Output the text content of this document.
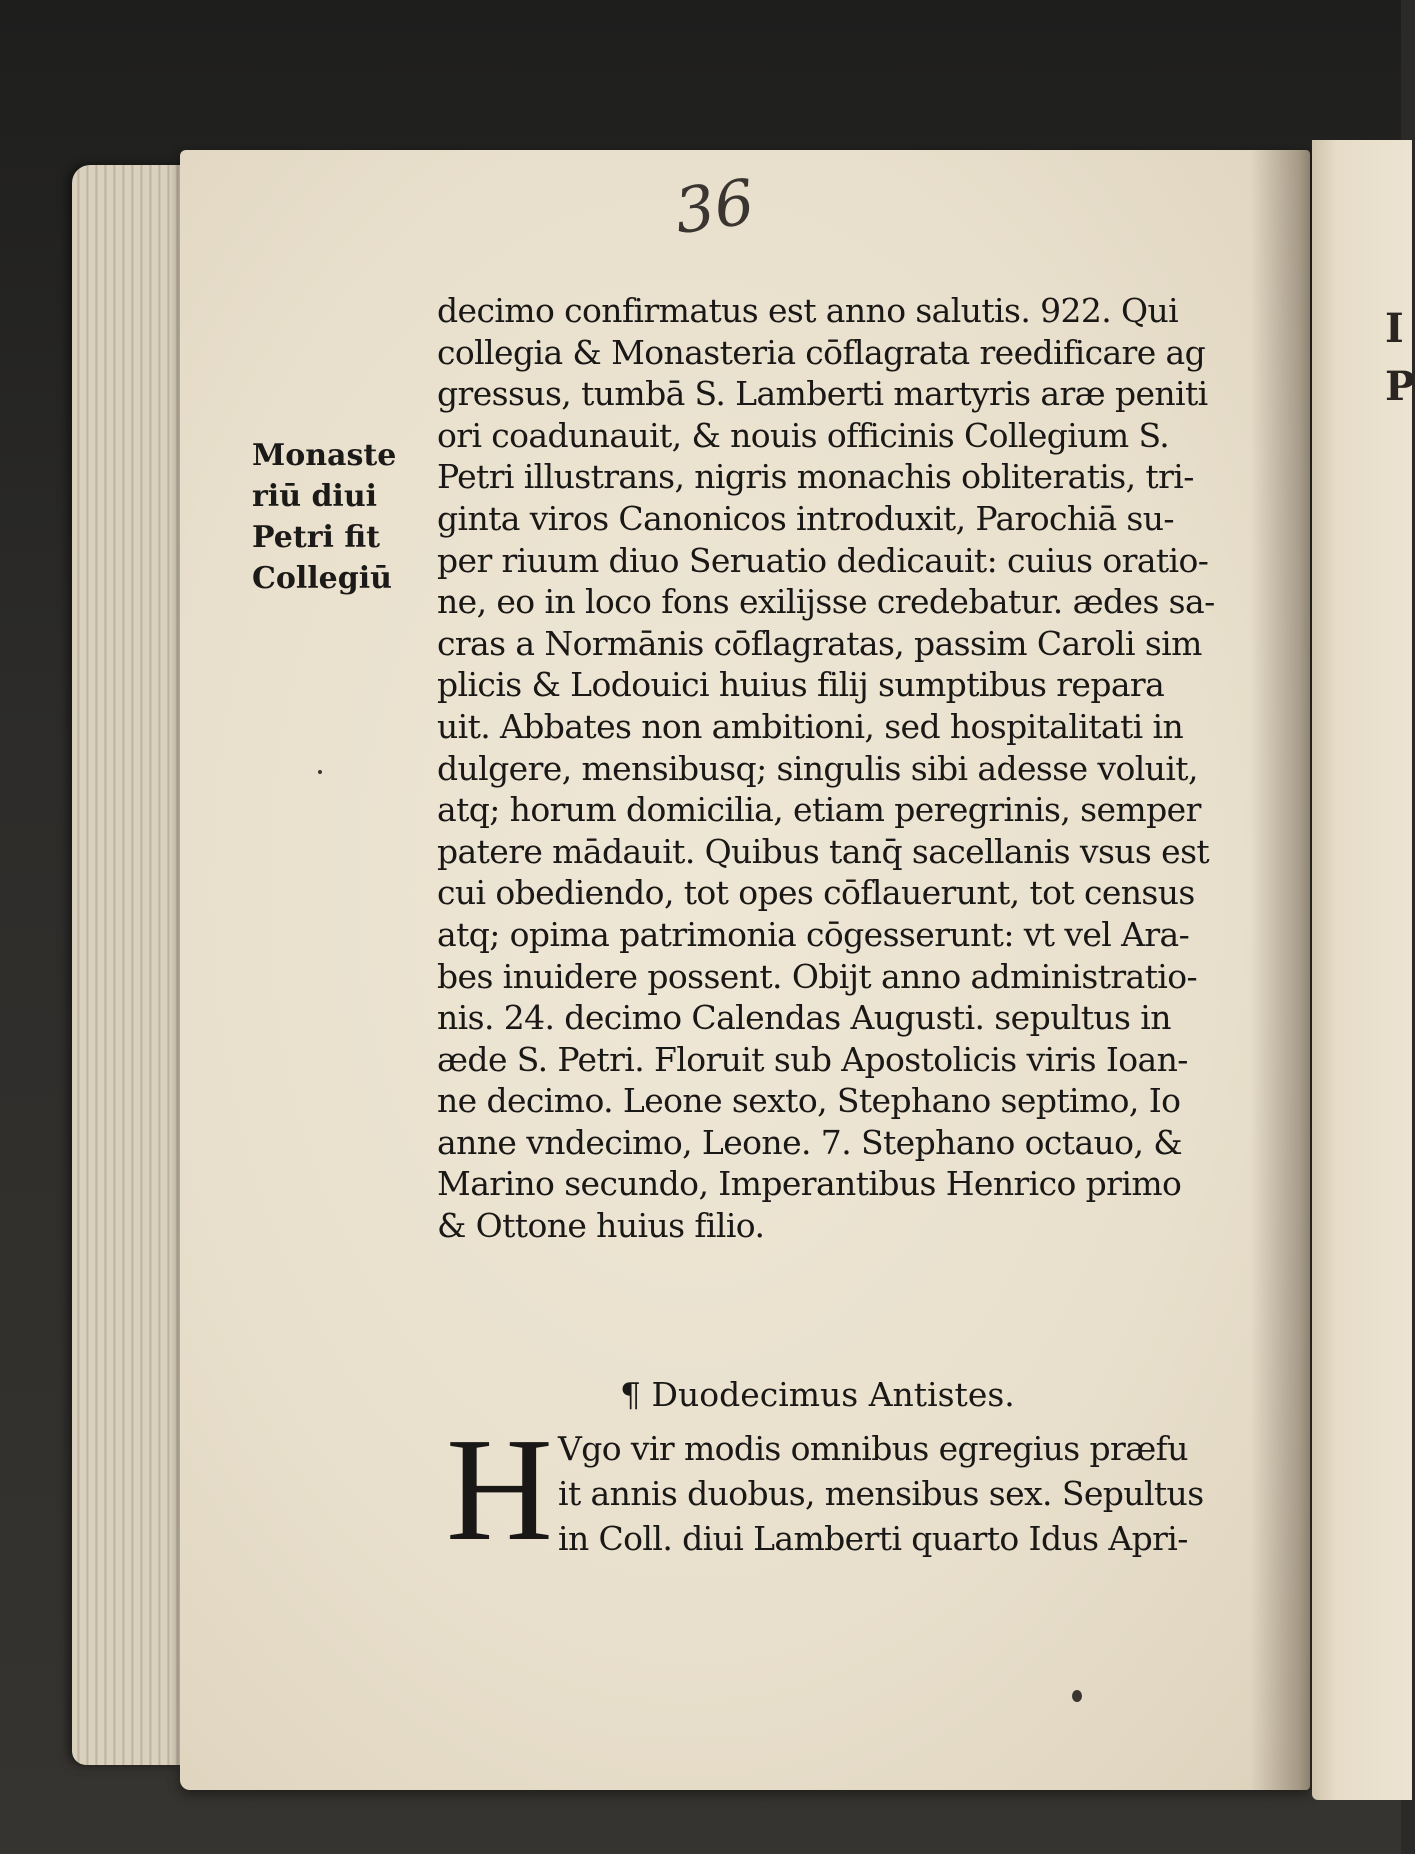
I
P
36
Monaste
riū diui
Petri fit
Collegiū
decimo confirmatus est anno salutis. 922. Qui
collegia & Monasteria cōflagrata reedificare ag
gressus, tumbā S. Lamberti martyris aræ peniti
ori coadunauit, & nouis officinis Collegium S.
Petri illustrans, nigris monachis obliteratis, tri-
ginta viros Canonicos introduxit, Parochiā su-
per riuum diuo Seruatio dedicauit: cuius oratio-
ne, eo in loco fons exilijsse credebatur. ædes sa-
cras a Normānis cōflagratas, passim Caroli sim
plicis & Lodouici huius filij sumptibus repara
uit. Abbates non ambitioni, sed hospitalitati in
dulgere, mensibusq; singulis sibi adesse voluit,
atq; horum domicilia, etiam peregrinis, semper
patere mādauit. Quibus tanq̄ sacellanis vsus est
cui obediendo, tot opes cōflauerunt, tot census
atq; opima patrimonia cōgesserunt: vt vel Ara-
bes inuidere possent. Obijt anno administratio-
nis. 24. decimo Calendas Augusti. sepultus in
æde S. Petri. Floruit sub Apostolicis viris Ioan-
ne decimo. Leone sexto, Stephano septimo, Io
anne vndecimo, Leone. 7. Stephano octauo, &
Marino secundo, Imperantibus Henrico primo
& Ottone huius filio.
¶ Duodecimus Antistes.
H Vgo vir modis omnibus egregius præfu
it annis duobus, mensibus sex. Sepultus
in Coll. diui Lamberti quarto Idus Apri-
